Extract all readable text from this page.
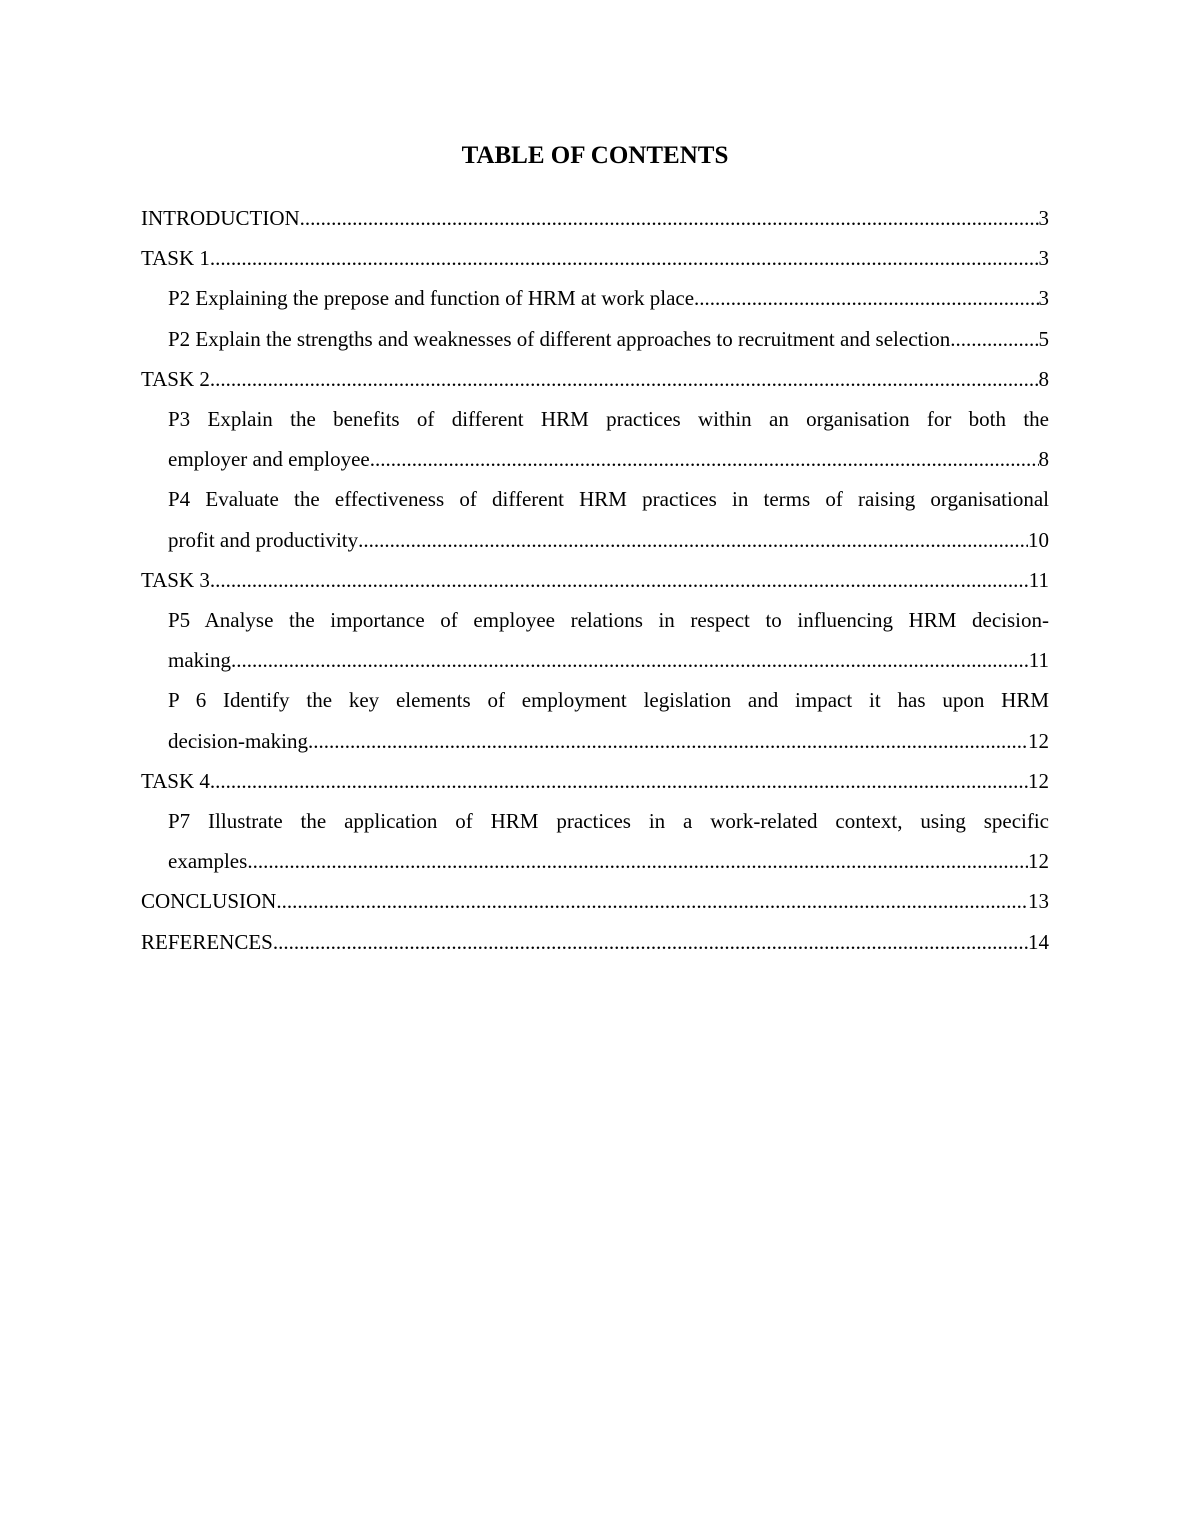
TABLE OF CONTENTS
INTRODUCTION .....	3
TASK 1 .....	3
P2 Explaining the prepose and function of HRM at work place .....	3
P2 Explain the strengths and weaknesses of different approaches to recruitment and selection .....	5
TASK 2 .....	8
P3 Explain the benefits of different HRM practices within an organisation for both the
employer and employee .....	8
P4 Evaluate the effectiveness of different HRM practices in terms of raising organisational
profit and productivity .....	10
TASK 3 .....	11
P5 Analyse the importance of employee relations in respect to influencing HRM decision-
making .....	11
P 6 Identify the key elements of employment legislation and impact it has upon HRM
decision-making .....	12
TASK 4 .....	12
P7 Illustrate the application of HRM practices in a work-related context, using specific
examples .....	12
CONCLUSION .....	13
REFERENCES .....	14
